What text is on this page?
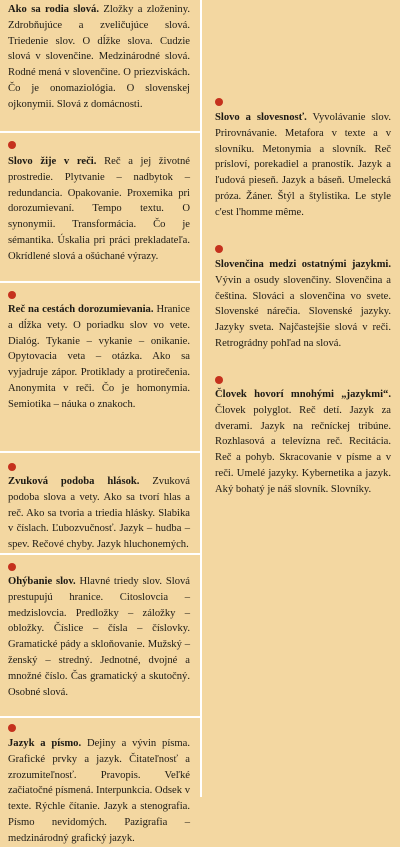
Ako sa rodia slová. Zložky a zloženiny. Zdrobňujúce a zveličujúce slová. Triedenie slov. O dĺžke slova. Cudzie slová v slovenčine. Medzinárodné slová. Rodné mená v slovenčine. O priezviskách. Čo je onomaziológia. O slovenskej ojkonymii. Slová z domácnosti.
Slovo žije v reči. Reč a jej životné prostredie. Plytvanie – nadbytok – redundancia. Opakovanie. Proxemika pri dorozumievaní. Tempo textu. O synonymii. Transformácia. Čo je sémantika. Úskalia pri práci prekladateľa. Okrídlené slová a ošúchané výrazy.
Reč na cestách dorozumievania. Hranice a dĺžka vety. O poriadku slov vo vete. Dialóg. Tykanie – vykanie – onikanie. Opytovacia veta – otázka. Ako sa vyjadruje zápor. Protiklady a protirečenia. Anonymita v reči. Čo je homonymia. Semiotika – náuka o znakoch.
Zvuková podoba hlások. Zvuková podoba slova a vety. Ako sa tvorí hlas a reč. Ako sa tvoria a triedia hlásky. Slabika v číslach. Ľubozvučnosť. Jazyk – hudba – spev. Rečové chyby. Jazyk hluchonemých.
Ohýbanie slov. Hlavné triedy slov. Slová prestupujú hranice. Citoslovcia – medzislovcia. Predložky – záložky – obložky. Číslice – čísla – číslovky. Gramatické pády a skloňovanie. Mužský – ženský – stredný. Jednotné, dvojné a množné číslo. Čas gramatický a skutočný. Osobné slová.
Jazyk a písmo. Dejiny a vývin písma. Grafické prvky a jazyk. Čitateľnosť a zrozumiteľnosť. Pravopis. Veľké začiatočné písmená. Interpunkcia. Odsek v texte. Rýchle čítanie. Jazyk a stenografia. Písmo nevidomých. Pazigrafia – medzinárodný grafický jazyk.
Slovo a slovesnosť. Vyvolávanie slov. Prirovnávanie. Metafora v texte a v slovníku. Metonymia a slovník. Reč prísloví, porekadiel a pranostík. Jazyk a ľudová pieseň. Jazyk a báseň. Umelecká próza. Žáner. Štýl a štylistika. Le style c'est l'homme même.
Slovenčina medzi ostatnými jazykmi. Vývin a osudy slovenčiny. Slovenčina a čeština. Slováci a slovenčina vo svete. Slovenské nárečia. Slovenské jazyky. Jazyky sveta. Najčastejšie slová v reči. Retrográdny pohľad na slová.
Človek hovorí mnohými „jazykmi“. Človek polyglot. Reč detí. Jazyk za dverami. Jazyk na rečníckej tribúne. Rozhlasová a televízna reč. Recitácia. Reč a pohyb. Skracovanie v písme a v reči. Umelé jazyky. Kybernetika a jazyk. Aký bohatý je náš slovník. Slovníky.
